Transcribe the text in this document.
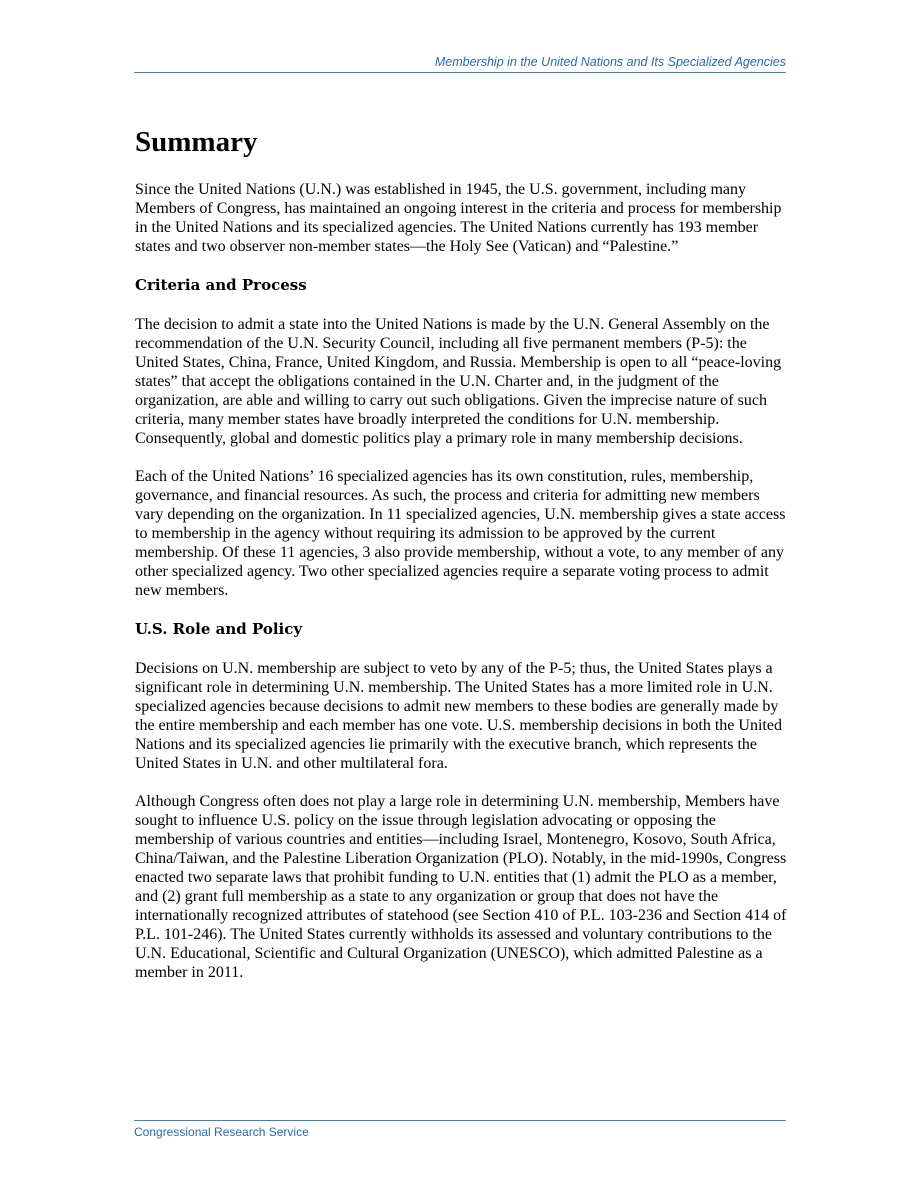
Membership in the United Nations and Its Specialized Agencies
Summary

Since the United Nations (U.N.) was established in 1945, the U.S. government, including many Members of Congress, has maintained an ongoing interest in the criteria and process for membership in the United Nations and its specialized agencies. The United Nations currently has 193 member states and two observer non-member states—the Holy See (Vatican) and “Palestine.”

Criteria and Process

The decision to admit a state into the United Nations is made by the U.N. General Assembly on the recommendation of the U.N. Security Council, including all five permanent members (P-5): the United States, China, France, United Kingdom, and Russia. Membership is open to all “peace-loving states” that accept the obligations contained in the U.N. Charter and, in the judgment of the organization, are able and willing to carry out such obligations. Given the imprecise nature of such criteria, many member states have broadly interpreted the conditions for U.N. membership. Consequently, global and domestic politics play a primary role in many membership decisions.

Each of the United Nations’ 16 specialized agencies has its own constitution, rules, membership, governance, and financial resources. As such, the process and criteria for admitting new members vary depending on the organization. In 11 specialized agencies, U.N. membership gives a state access to membership in the agency without requiring its admission to be approved by the current membership. Of these 11 agencies, 3 also provide membership, without a vote, to any member of any other specialized agency. Two other specialized agencies require a separate voting process to admit new members.

U.S. Role and Policy

Decisions on U.N. membership are subject to veto by any of the P-5; thus, the United States plays a significant role in determining U.N. membership. The United States has a more limited role in U.N. specialized agencies because decisions to admit new members to these bodies are generally made by the entire membership and each member has one vote. U.S. membership decisions in both the United Nations and its specialized agencies lie primarily with the executive branch, which represents the United States in U.N. and other multilateral fora.

Although Congress often does not play a large role in determining U.N. membership, Members have sought to influence U.S. policy on the issue through legislation advocating or opposing the membership of various countries and entities—including Israel, Montenegro, Kosovo, South Africa, China/Taiwan, and the Palestine Liberation Organization (PLO). Notably, in the mid-1990s, Congress enacted two separate laws that prohibit funding to U.N. entities that (1) admit the PLO as a member, and (2) grant full membership as a state to any organization or group that does not have the internationally recognized attributes of statehood (see Section 410 of P.L. 103-236 and Section 414 of P.L. 101-246). The United States currently withholds its assessed and voluntary contributions to the U.N. Educational, Scientific and Cultural Organization (UNESCO), which admitted Palestine as a member in 2011.

Congressional Research Service
